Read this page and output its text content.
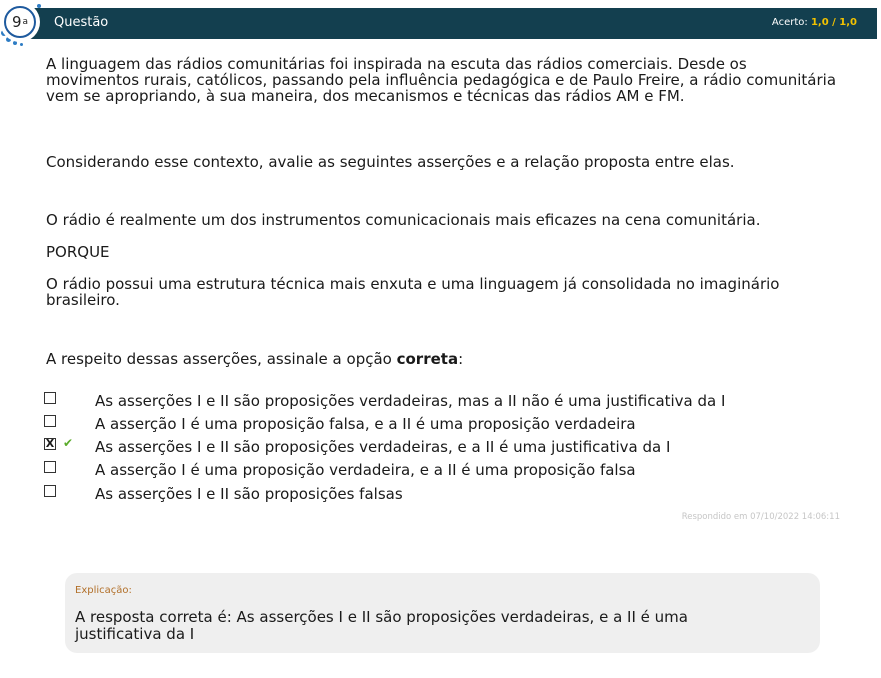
Questão	Acerto: 1,0 / 1,0
9 a

A linguagem das rádios comunitárias foi inspirada na escuta das rádios comerciais. Desde os movimentos rurais, católicos, passando pela influência pedagógica e de Paulo Freire, a rádio comunitária vem se apropriando, à sua maneira, dos mecanismos e técnicas das rádios AM e FM.

Considerando esse contexto, avalie as seguintes asserções e a relação proposta entre elas.

O rádio é realmente um dos instrumentos comunicacionais mais eficazes na cena comunitária.

PORQUE

O rádio possui uma estrutura técnica mais enxuta e uma linguagem já consolidada no imaginário brasileiro.

A respeito dessas asserções, assinale a opção correta:

As asserções I e II são proposições verdadeiras, mas a II não é uma justificativa da I
A asserção I é uma proposição falsa, e a II é uma proposição verdadeira
X ✔ As asserções I e II são proposições verdadeiras, e a II é uma justificativa da I
A asserção I é uma proposição verdadeira, e a II é uma proposição falsa
As asserções I e II são proposições falsas
Respondido em 07/10/2022 14:06:11
Explicação:
A resposta correta é: As asserções I e II são proposições verdadeiras, e a II é uma justificativa da I
